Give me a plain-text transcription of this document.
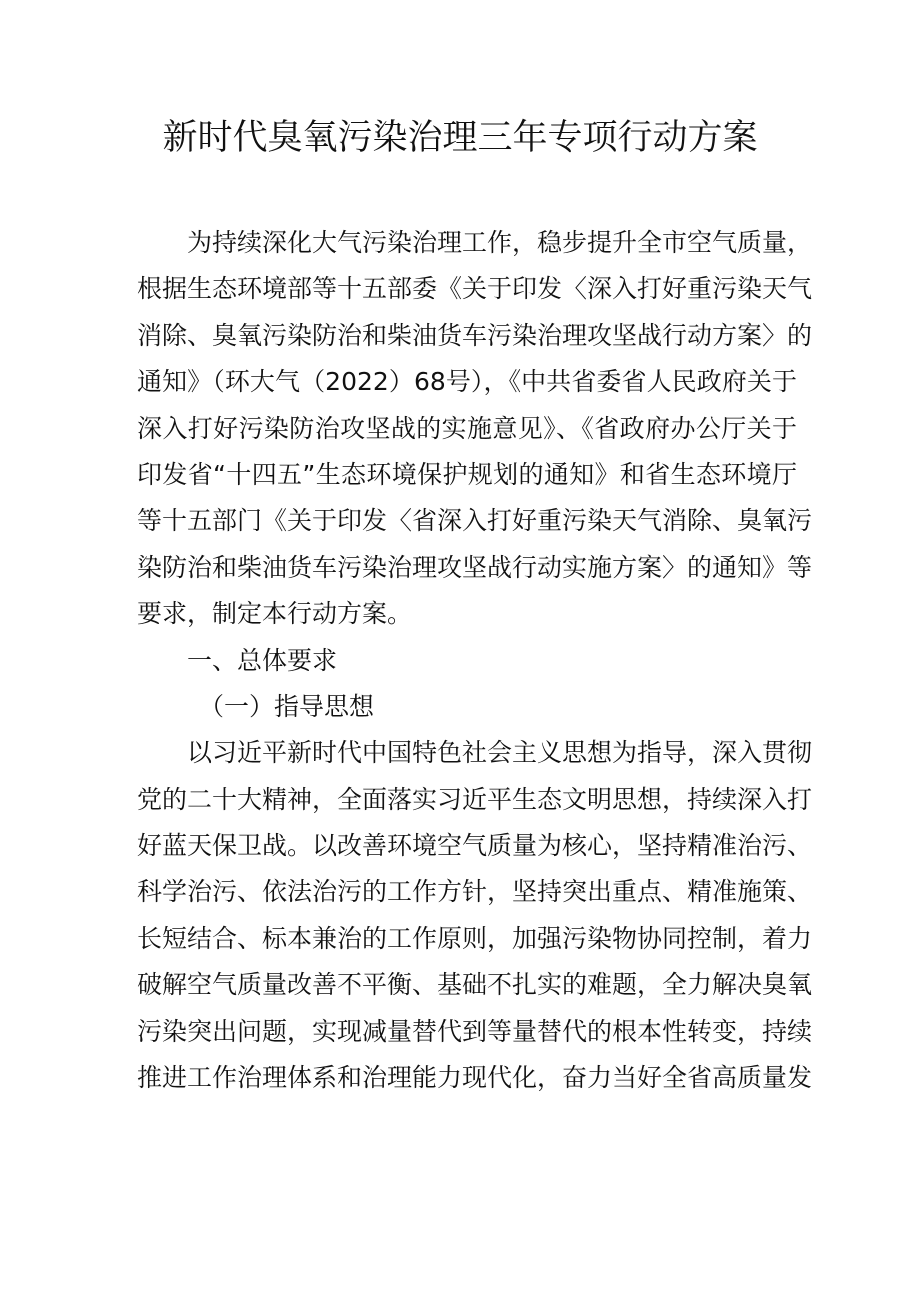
新时代臭氧污染治理三年专项行动方案
为持续深化大气污染治理工作，稳步提升全市空气质量，
根据生态环境部等十五部委《关于印发〈深入打好重污染天气
消除、臭氧污染防治和柴油货车污染治理攻坚战行动方案〉的
通知》（环大气（2022）68号），《中共省委省人民政府关于
深入打好污染防治攻坚战的实施意见》、《省政府办公厅关于
印发省“十四五”生态环境保护规划的通知》和省生态环境厅
等十五部门《关于印发〈省深入打好重污染天气消除、臭氧污
染防治和柴油货车污染治理攻坚战行动实施方案〉的通知》等
要求，制定本行动方案。
一、总体要求
（一）指导思想
以习近平新时代中国特色社会主义思想为指导，深入贯彻
党的二十大精神，全面落实习近平生态文明思想，持续深入打
好蓝天保卫战。以改善环境空气质量为核心，坚持精准治污、
科学治污、依法治污的工作方针，坚持突出重点、精准施策、
长短结合、标本兼治的工作原则，加强污染物协同控制，着力
破解空气质量改善不平衡、基础不扎实的难题，全力解决臭氧
污染突出问题，实现减量替代到等量替代的根本性转变，持续
推进工作治理体系和治理能力现代化，奋力当好全省高质量发
